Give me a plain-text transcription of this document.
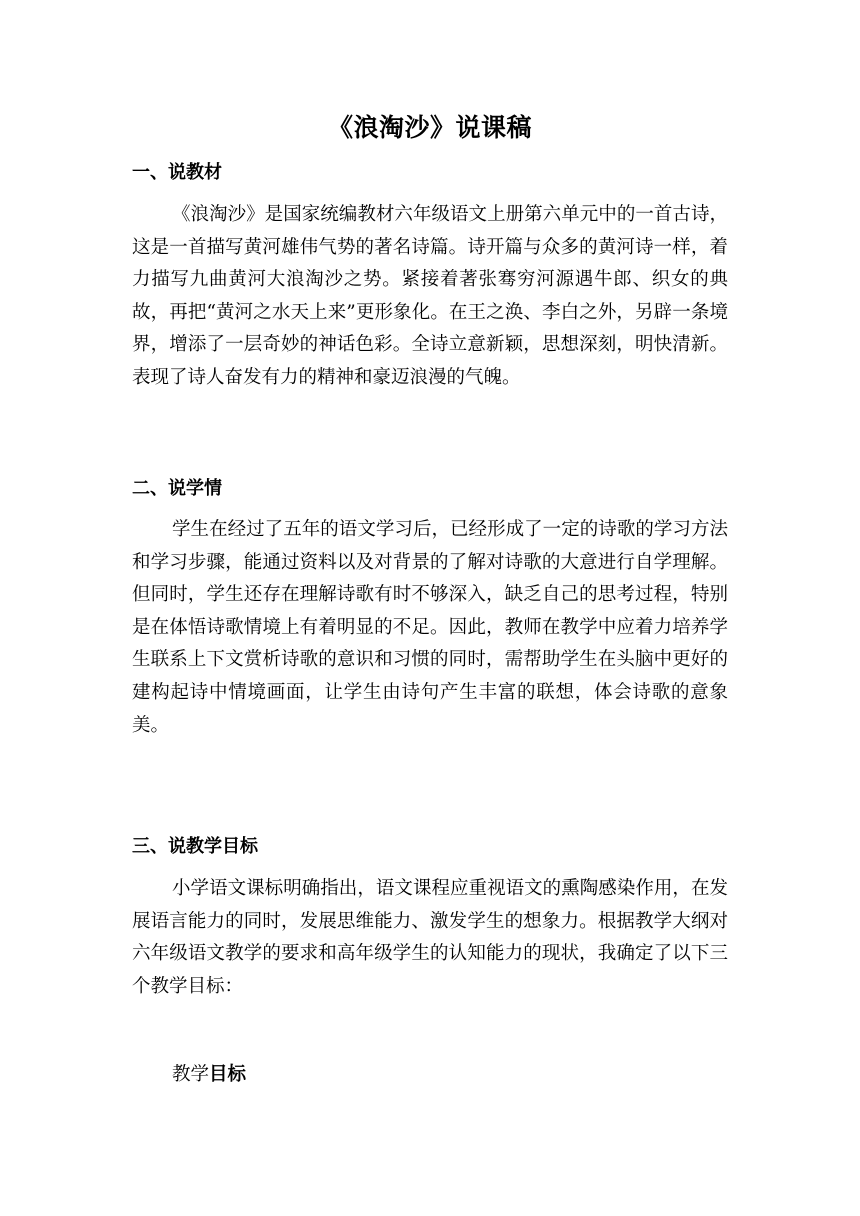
《浪淘沙》说课稿
一、说教材
《浪淘沙》是国家统编教材六年级语文上册第六单元中的一首古诗，这是一首描写黄河雄伟气势的著名诗篇。诗开篇与众多的黄河诗一样，着力描写九曲黄河大浪淘沙之势。紧接着著张骞穷河源遇牛郎、织女的典故，再把“黄河之水天上来”更形象化。在王之涣、李白之外，另辟一条境界，增添了一层奇妙的神话色彩。全诗立意新颖，思想深刻，明快清新。表现了诗人奋发有力的精神和豪迈浪漫的气魄。
二、说学情
学生在经过了五年的语文学习后，已经形成了一定的诗歌的学习方法和学习步骤，能通过资料以及对背景的了解对诗歌的大意进行自学理解。但同时，学生还存在理解诗歌有时不够深入，缺乏自己的思考过程，特别是在体悟诗歌情境上有着明显的不足。因此，教师在教学中应着力培养学生联系上下文赏析诗歌的意识和习惯的同时，需帮助学生在头脑中更好的建构起诗中情境画面，让学生由诗句产生丰富的联想，体会诗歌的意象美。
三、说教学目标
小学语文课标明确指出，语文课程应重视语文的熏陶感染作用，在发展语言能力的同时，发展思维能力、激发学生的想象力。根据教学大纲对六年级语文教学的要求和高年级学生的认知能力的现状，我确定了以下三个教学目标：
教学目标
